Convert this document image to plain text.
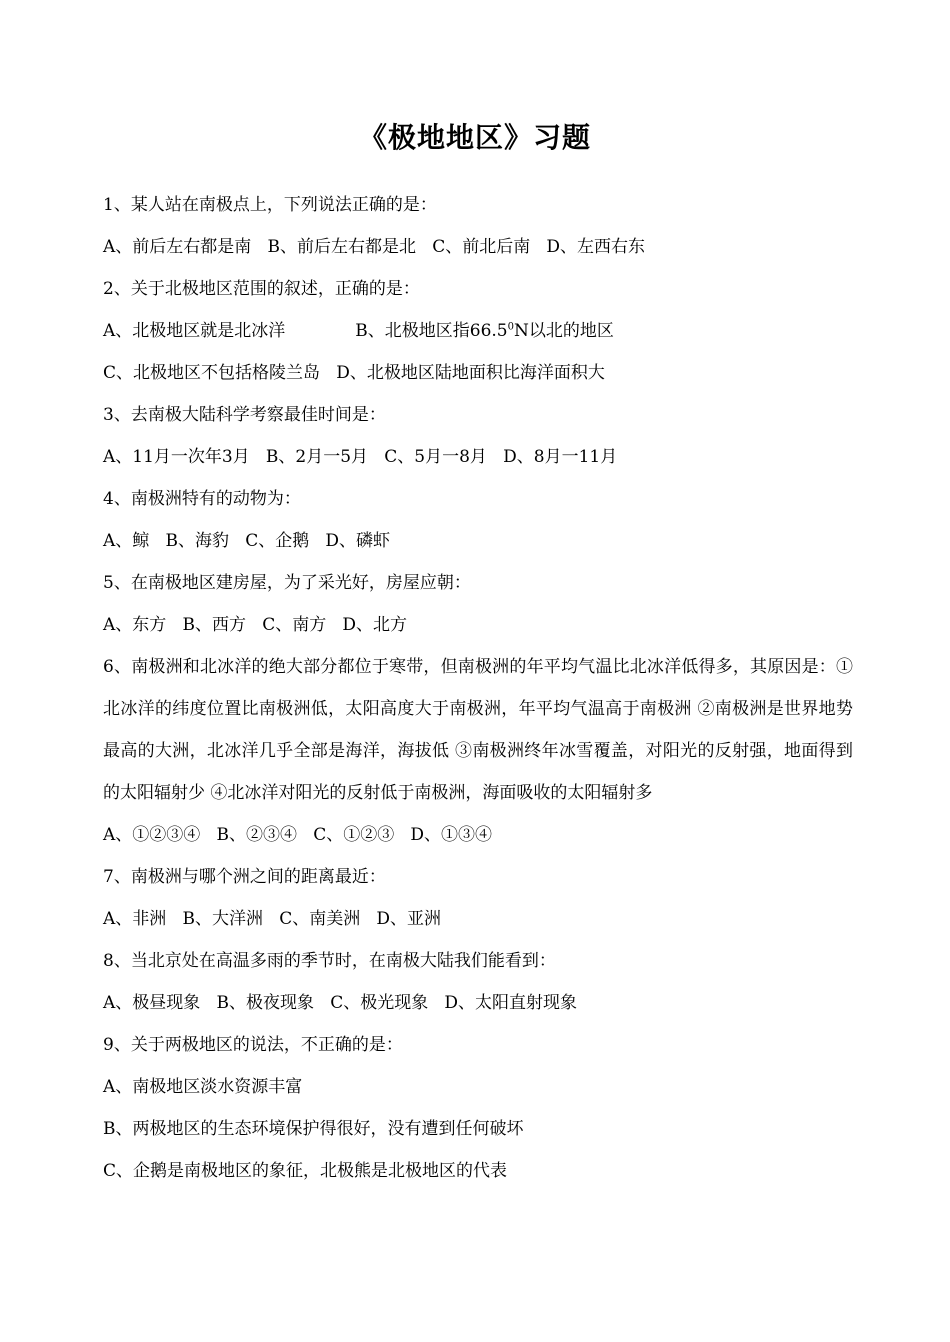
《极地地区》习题
1、某人站在南极点上，下列说法正确的是：
A、前后左右都是南   B、前后左右都是北   C、前北后南   D、左西右东
2、关于北极地区范围的叙述，正确的是：
A、北极地区就是北冰洋	B、北极地区指66.5$^0$N以北的地区
C、北极地区不包括格陵兰岛   D、北极地区陆地面积比海洋面积大
3、去南极大陆科学考察最佳时间是：
A、11月一次年3月   B、2月一5月   C、5月一8月   D、8月一11月
4、南极洲特有的动物为：
A、鲸   B、海豹   C、企鹅   D、磷虾
5、在南极地区建房屋，为了采光好，房屋应朝：
A、东方   B、西方   C、南方   D、北方
6、南极洲和北冰洋的绝大部分都位于寒带，但南极洲的年平均气温比北冰洋低得多，其原因是：①北冰洋的纬度位置比南极洲低，太阳高度大于南极洲，年平均气温高于南极洲 ②南极洲是世界地势最高的大洲，北冰洋几乎全部是海洋，海拔低 ③南极洲终年冰雪覆盖，对阳光的反射强，地面得到的太阳辐射少 ④北冰洋对阳光的反射低于南极洲，海面吸收的太阳辐射多
A、①②③④   B、②③④   C、①②③   D、①③④
7、南极洲与哪个洲之间的距离最近：
A、非洲   B、大洋洲   C、南美洲   D、亚洲
8、当北京处在高温多雨的季节时，在南极大陆我们能看到：
A、极昼现象   B、极夜现象   C、极光现象   D、太阳直射现象
9、关于两极地区的说法，不正确的是：
A、南极地区淡水资源丰富
B、两极地区的生态环境保护得很好，没有遭到任何破坏
C、企鹅是南极地区的象征，北极熊是北极地区的代表
